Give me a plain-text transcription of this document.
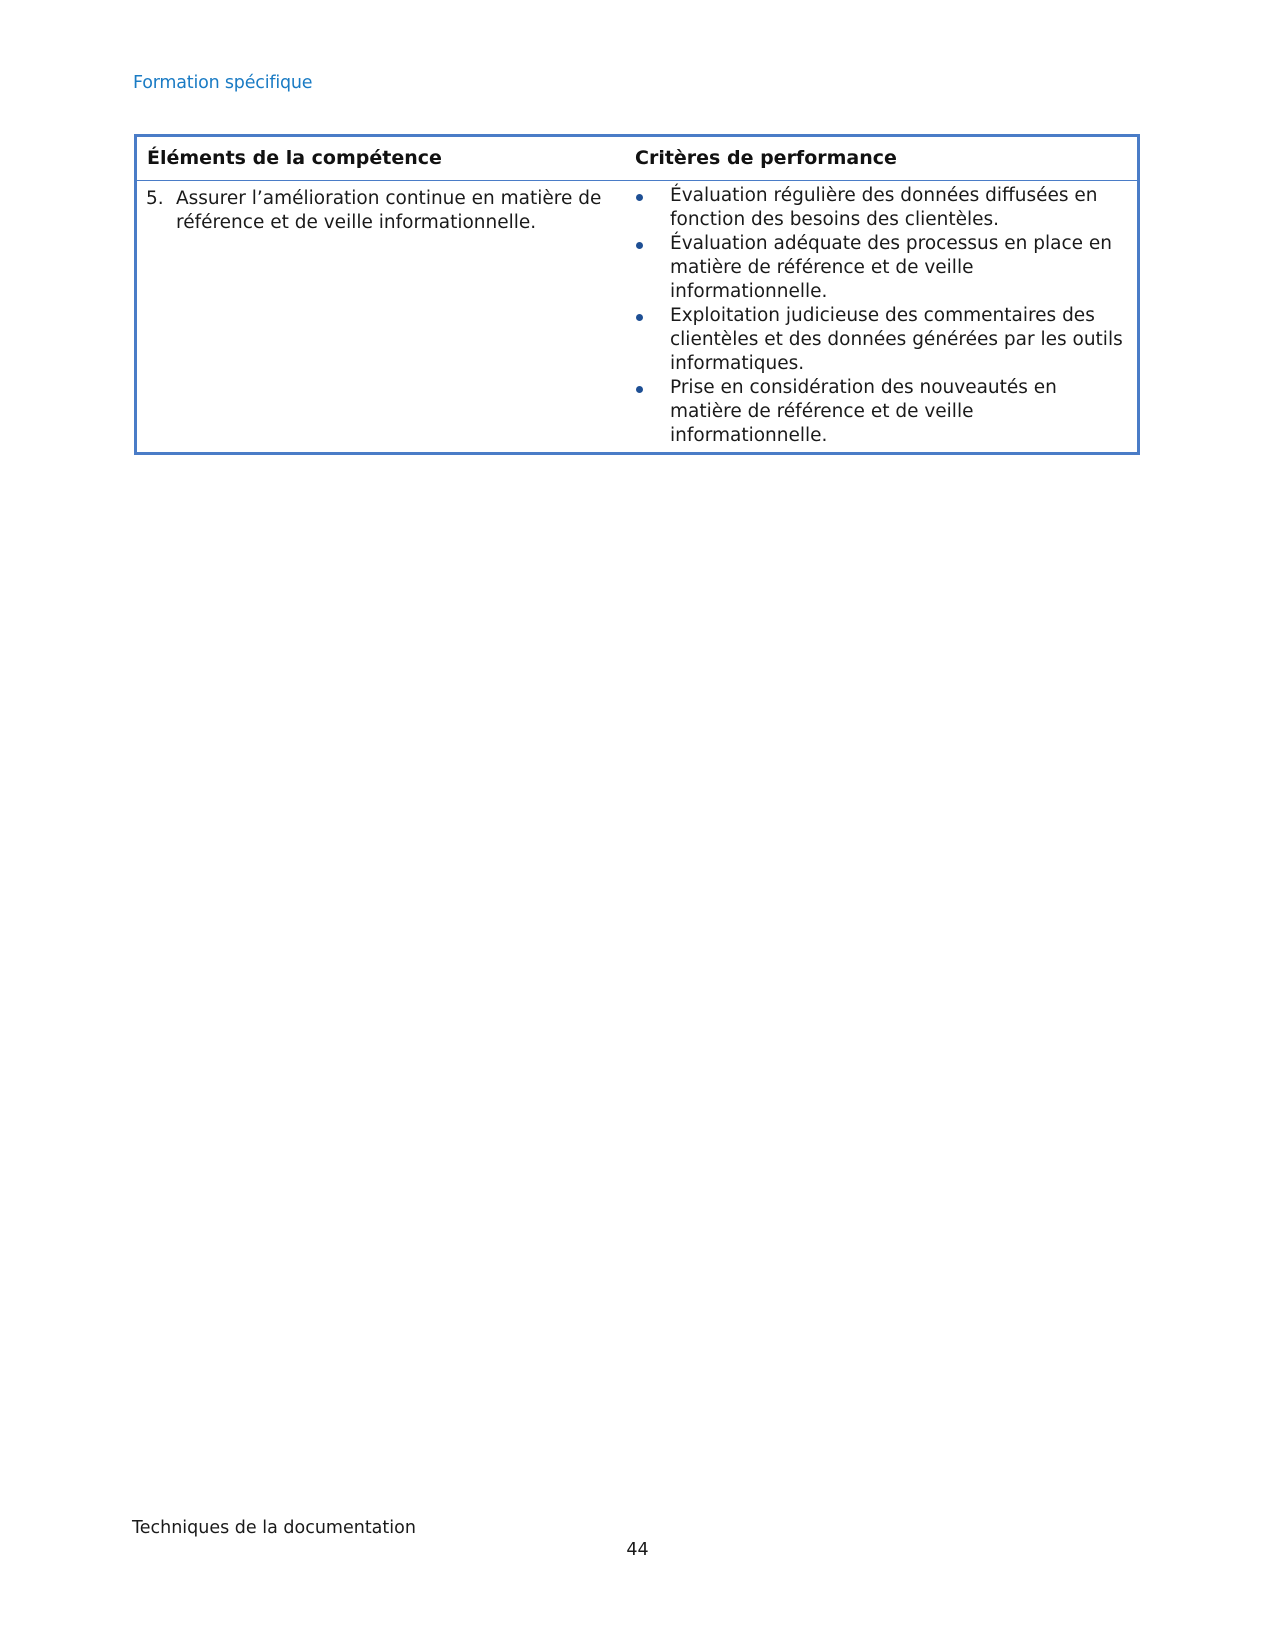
Formation spécifique
Éléments de la compétence	Critères de performance
5. Assurer l’amélioration continue en matière de référence et de veille informationnelle.
Évaluation régulière des données diffusées en fonction des besoins des clientèles.
Évaluation adéquate des processus en place en matière de référence et de veille informationnelle.
Exploitation judicieuse des commentaires des clientèles et des données générées par les outils informatiques.
Prise en considération des nouveautés en matière de référence et de veille informationnelle.
Techniques de la documentation
44
